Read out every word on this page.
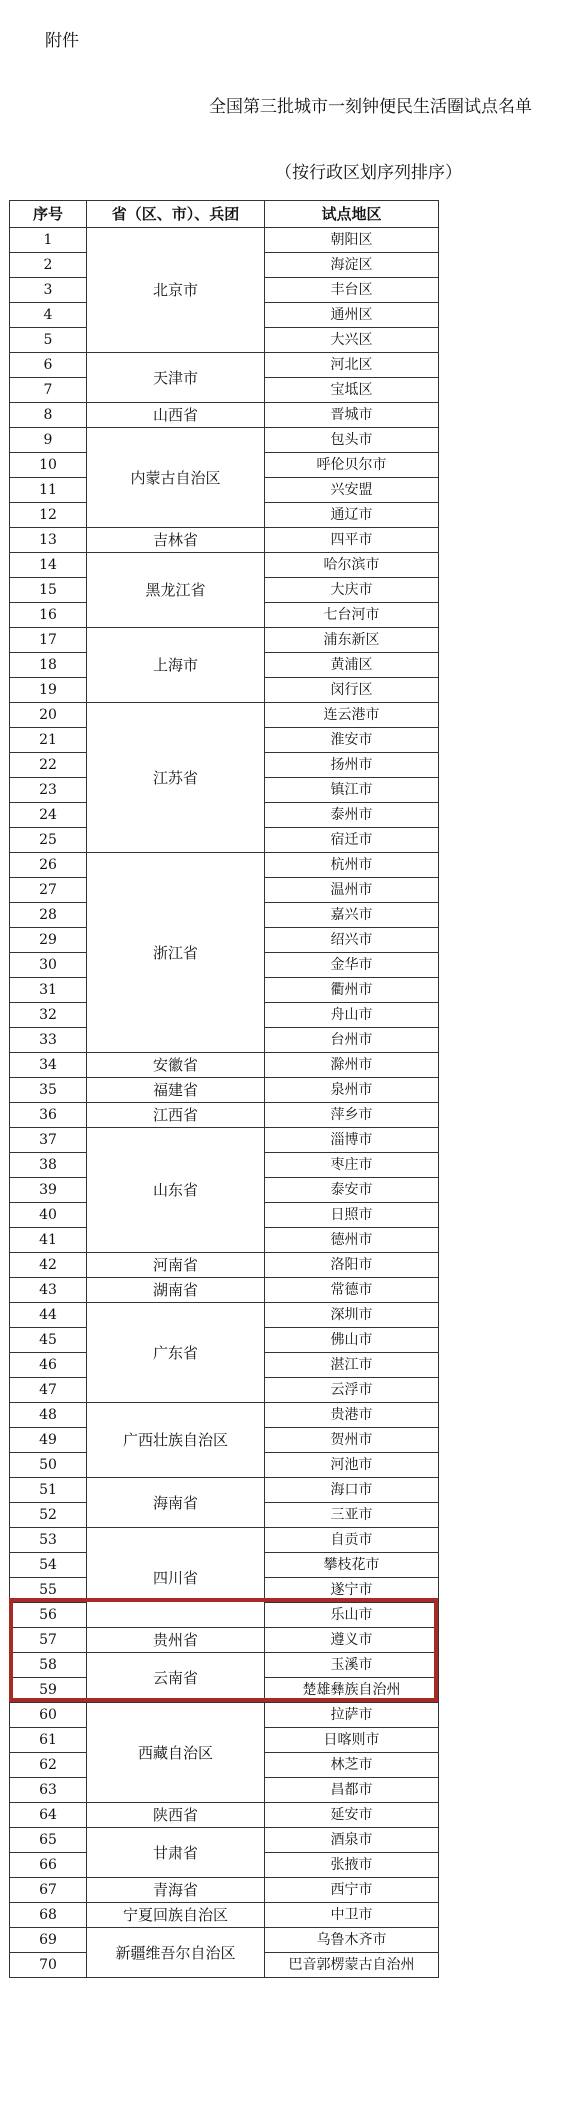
附件
全国第三批城市一刻钟便民生活圈试点名单
（按行政区划序列排序）
序号	省（区、市）、兵团	试点地区
1	北京市	朝阳区
2		海淀区
3		丰台区
4		通州区
5		大兴区
6	天津市	河北区
7		宝坻区
8	山西省	晋城市
9	内蒙古自治区	包头市
10		呼伦贝尔市
11		兴安盟
12		通辽市
13	吉林省	四平市
14	黑龙江省	哈尔滨市
15		大庆市
16		七台河市
17	上海市	浦东新区
18		黄浦区
19		闵行区
20	江苏省	连云港市
21		淮安市
22		扬州市
23		镇江市
24		泰州市
25		宿迁市
26	浙江省	杭州市
27		温州市
28		嘉兴市
29		绍兴市
30		金华市
31		衢州市
32		舟山市
33		台州市
34	安徽省	滁州市
35	福建省	泉州市
36	江西省	萍乡市
37	山东省	淄博市
38		枣庄市
39		泰安市
40		日照市
41		德州市
42	河南省	洛阳市
43	湖南省	常德市
44	广东省	深圳市
45		佛山市
46		湛江市
47		云浮市
48	广西壮族自治区	贵港市
49		贺州市
50		河池市
51	海南省	海口市
52		三亚市
53	四川省	自贡市
54		攀枝花市
55		遂宁市
56		乐山市
57	贵州省	遵义市
58	云南省	玉溪市
59		楚雄彝族自治州
60	西藏自治区	拉萨市
61		日喀则市
62		林芝市
63		昌都市
64	陕西省	延安市
65	甘肃省	酒泉市
66		张掖市
67	青海省	西宁市
68	宁夏回族自治区	中卫市
69	新疆维吾尔自治区	乌鲁木齐市
70		巴音郭楞蒙古自治州
